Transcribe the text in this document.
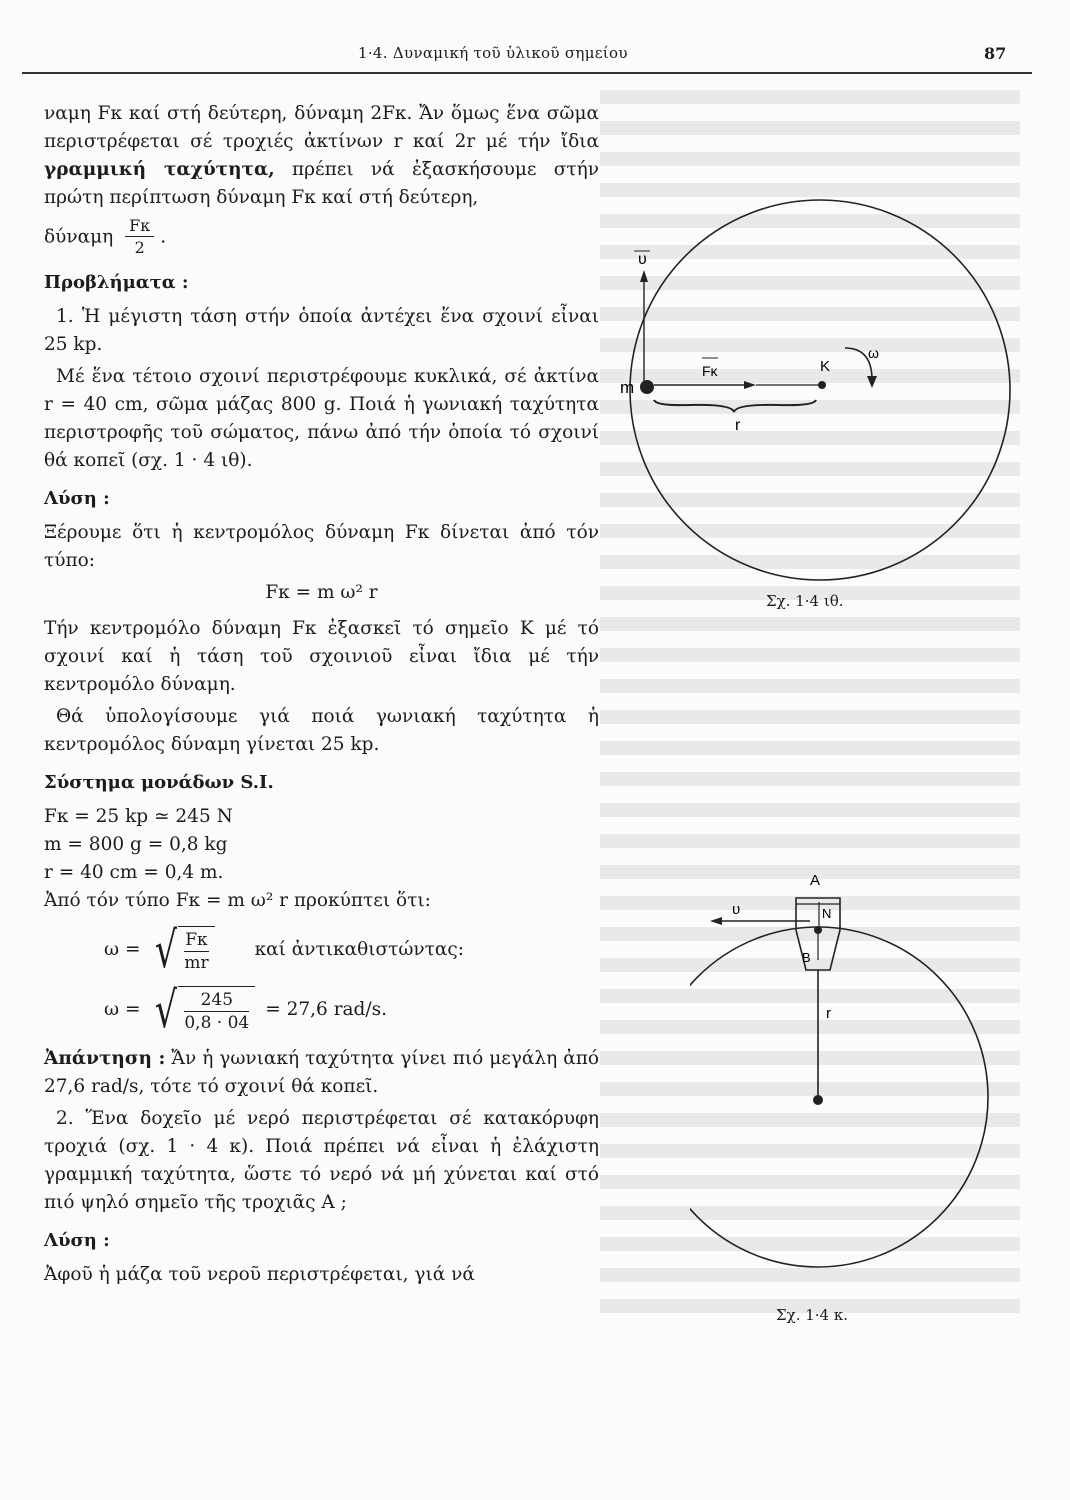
1·4. Δυναμική τοῦ ὑλικοῦ σημείου	87

ναμη Fκ καί στή δεύτερη, δύναμη 2Fκ. Ἄν ὅμως ἕνα σῶμα περιστρέφεται σέ τροχιές ἀκτίνων r καί 2r μέ τήν ἴδια γραμμική ταχύτητα, πρέπει νά ἐξασκήσουμε στήν πρώτη περίπτωση δύναμη Fκ καί στή δεύτερη,

δύναμη $\frac{F\kappa}{2}$ .

Προβλήματα :

1. Ἡ μέγιστη τάση στήν ὁποία ἀντέχει ἕνα σχοινί εἶναι 25 kp.

Μέ ἕνα τέτοιο σχοινί περιστρέφουμε κυκλικά, σέ ἀκτίνα r = 40 cm, σῶμα μάζας 800 g. Ποιά ἡ γωνιακή ταχύτητα περιστροφῆς τοῦ σώματος, πάνω ἀπό τήν ὁποία τό σχοινί θά κοπεῖ (σχ. 1 · 4 ιθ).

Λύση :

Ξέρουμε ὅτι ἡ κεντρομόλος δύναμη Fκ δίνεται ἀπό τόν τύπο:

Fκ = m ω² r

Τήν κεντρομόλο δύναμη Fκ ἐξασκεῖ τό σημεῖο Κ μέ τό σχοινί καί ἡ τάση τοῦ σχοινιοῦ εἶναι ἴδια μέ τήν κεντρομόλο δύναμη.

Θά ὑπολογίσουμε γιά ποιά γωνιακή ταχύτητα ἡ κεντρομόλος δύναμη γίνεται 25 kp.

Σύστημα μονάδων S.I.

Fκ = 25 kp ≃ 245 N

m = 800 g = 0,8 kg

r = 40 cm = 0,4 m.

Ἀπό τόν τύπο Fκ = m ω² r προκύπτει ὅτι:

ω = √ $\frac{F\kappa}{mr}$ καί ἀντικαθιστώντας:
ω = √ $\frac{245}{0,8 \cdot 04} = 27,6$ rad/s.

Ἀπάντηση : Ἄν ἡ γωνιακή ταχύτητα γίνει πιό μεγάλη ἀπό 27,6 rad/s, τότε τό σχοινί θά κοπεῖ.

2. Ἕνα δοχεῖο μέ νερό περιστρέφεται σέ κατακόρυφη τροχιά (σχ. 1 · 4 κ). Ποιά πρέπει νά εἶναι ἡ ἐλάχιστη γραμμική ταχύτητα, ὥστε τό νερό νά μή χύνεται καί στό πιό ψηλό σημεῖο τῆς τροχιᾶς Α ;

Λύση :

Ἀφοῦ ἡ μάζα τοῦ νεροῦ περιστρέφεται, γιά νά

υ
m
Fκ	K
r
ω
Σχ. 1·4 ιθ.
A
υ	N
B
r
Σχ. 1·4 κ.
